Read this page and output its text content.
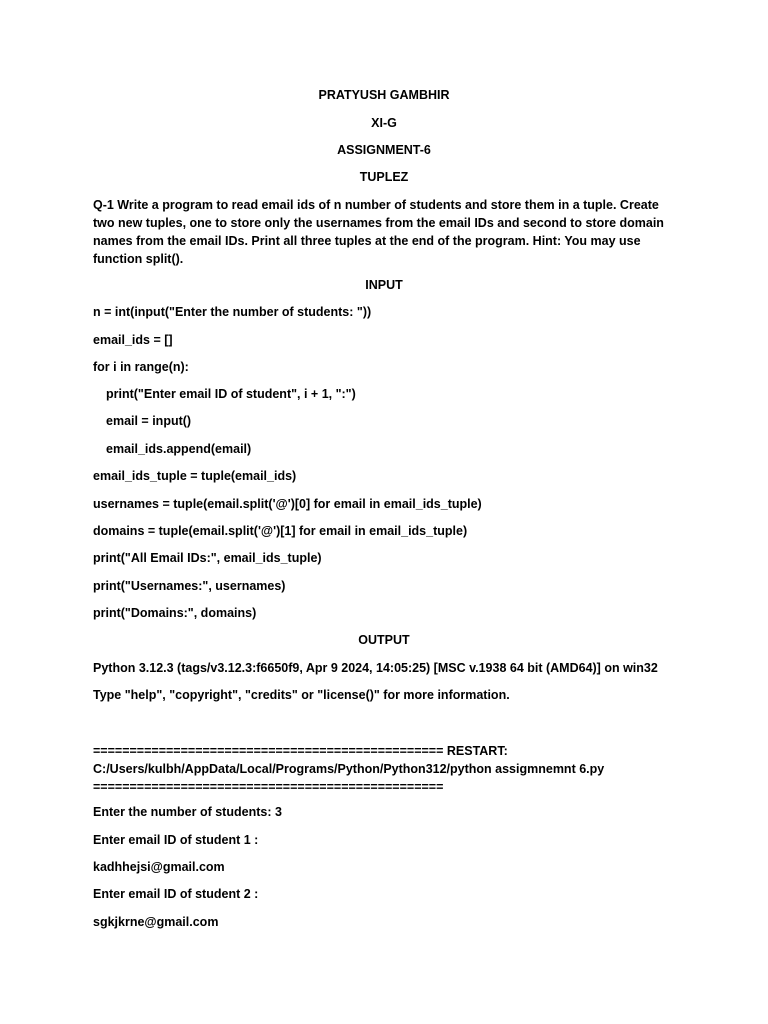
PRATYUSH GAMBHIR
XI-G
ASSIGNMENT-6
TUPLEZ
Q-1 Write a program to read email ids of n number of students and store them in a tuple. Create
two new tuples, one to store only the usernames from the email IDs and second to store domain
names from the email IDs. Print all three tuples at the end of the program. Hint: You may use
function split().
INPUT
n = int(input("Enter the number of students: "))
email_ids = []
for i in range(n):
print("Enter email ID of student", i + 1, ":")
email = input()
email_ids.append(email)
email_ids_tuple = tuple(email_ids)
usernames = tuple(email.split('@')[0] for email in email_ids_tuple)
domains = tuple(email.split('@')[1] for email in email_ids_tuple)
print("All Email IDs:", email_ids_tuple)
print("Usernames:", usernames)
print("Domains:", domains)
OUTPUT
Python 3.12.3 (tags/v3.12.3:f6650f9, Apr 9 2024, 14:05:25) [MSC v.1938 64 bit (AMD64)] on win32
Type "help", "copyright", "credits" or "license()" for more information.
================================================ RESTART:
C:/Users/kulbh/AppData/Local/Programs/Python/Python312/python assigmnemnt 6.py
================================================
Enter the number of students: 3
Enter email ID of student 1 :
kadhhejsi@gmail.com
Enter email ID of student 2 :
sgkjkrne@gmail.com
